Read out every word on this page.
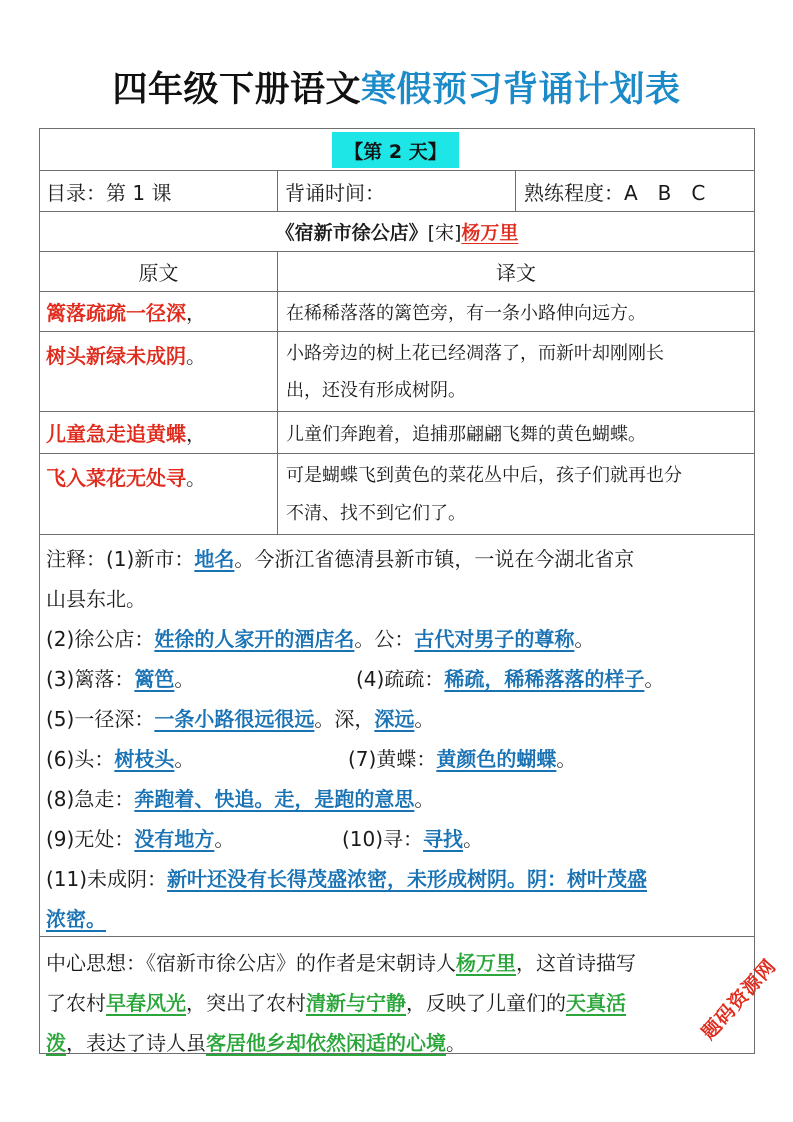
四年级下册语文寒假预习背诵计划表
【第 2 天】
目录：第 1 课	背诵时间：	熟练程度：A　B　C
《宿新市徐公店》 [宋] 杨万里
原文	译文
篱落疏疏一径深 ，	在稀稀落落的篱笆旁，有一条小路伸向远方。
树头新绿未成阴 。	小路旁边的树上花已经凋落了，而新叶却刚刚长
出，还没有形成树阴。
儿童急走追黄蝶 ，	儿童们奔跑着，追捕那翩翩飞舞的黄色蝴蝶。
飞入菜花无处寻 。	可是蝴蝶飞到黄色的菜花丛中后，孩子们就再也分
不清、找不到它们了。
注释：(1)新市：地名。今浙江省德清县新市镇，一说在今湖北省京
山县东北。
(2)徐公店：姓徐的人家开的酒店名。公：古代对男子的尊称。
(3)篱落：篱笆。	(4)疏疏：稀疏，稀稀落落的样子。
(5)一径深：一条小路很远很远。深，深远。
(6)头：树枝头。	(7)黄蝶：黄颜色的蝴蝶。
(8)急走：奔跑着、快追。走，是跑的意思。
(9)无处：没有地方。	(10)寻：寻找。
(11)未成阴：新叶还没有长得茂盛浓密，未形成树阴。阴：树叶茂盛
浓密。
中心思想：《宿新市徐公店》的作者是宋朝诗人杨万里，这首诗描写
了农村早春风光，突出了农村清新与宁静，反映了儿童们的天真活
泼，表达了诗人虽客居他乡却依然闲适的心境。	题码资源网
